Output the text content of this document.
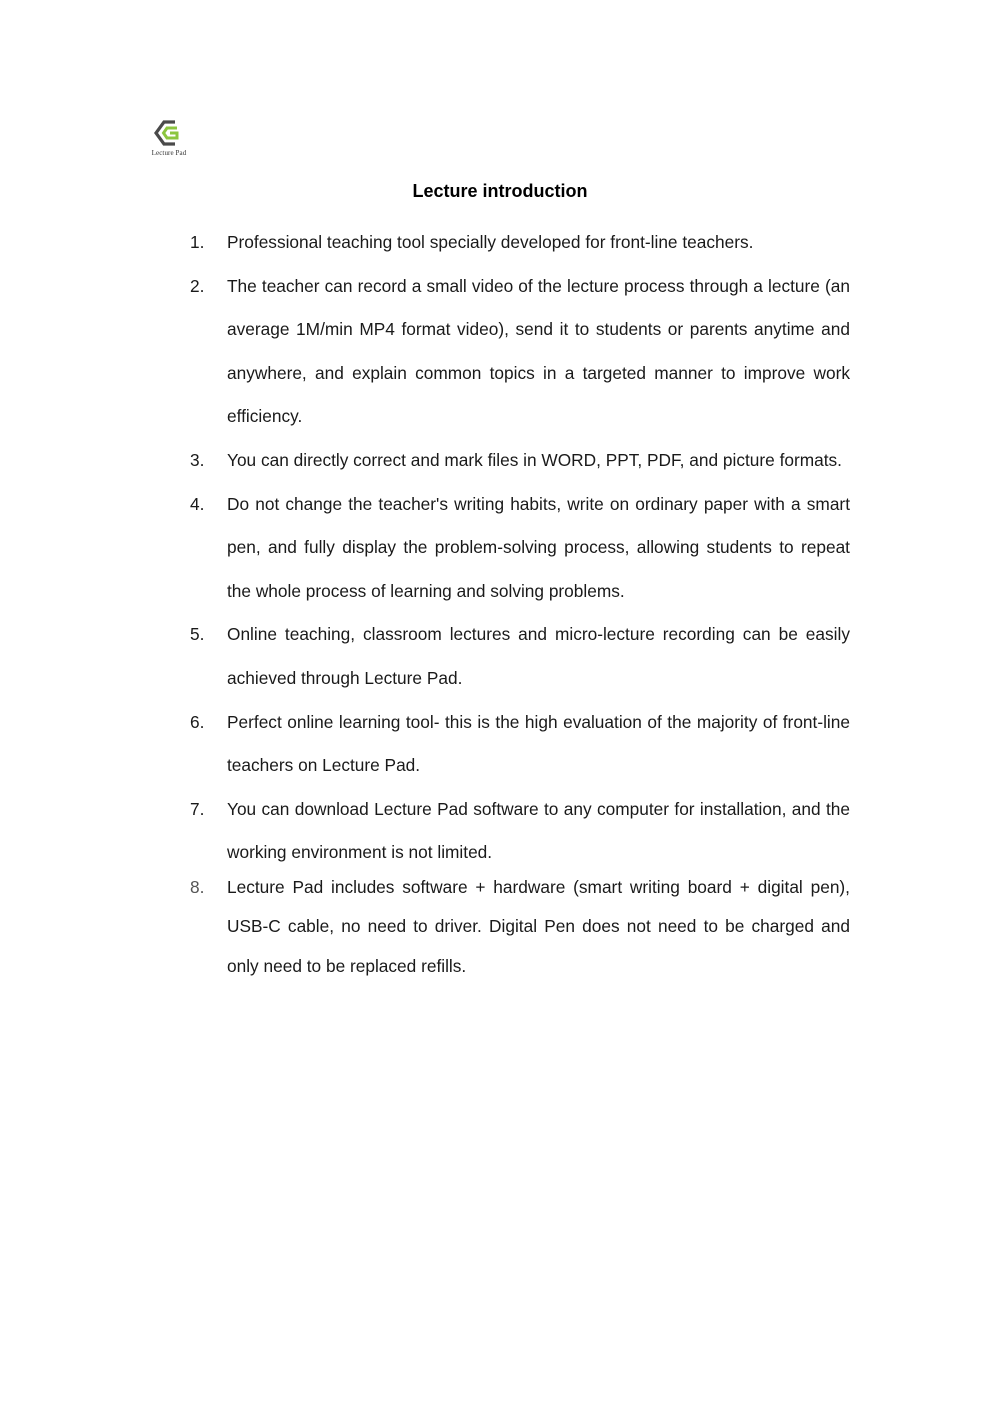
Lecture Pad
Lecture introduction
1. Professional teaching tool specially developed for front-line teachers.
2. The teacher can record a small video of the lecture process through a lecture (an average 1M/min MP4 format video), send it to students or parents anytime and anywhere, and explain common topics in a targeted manner to improve work efficiency.
3. You can directly correct and mark files in WORD, PPT, PDF, and picture formats.
4. Do not change the teacher's writing habits, write on ordinary paper with a smart pen, and fully display the problem-solving process, allowing students to repeat the whole process of learning and solving problems.
5. Online teaching, classroom lectures and micro-lecture recording can be easily achieved through Lecture Pad.
6. Perfect online learning tool- this is the high evaluation of the majority of front-line teachers on Lecture Pad.
7. You can download Lecture Pad software to any computer for installation, and the working environment is not limited.
8. Lecture Pad includes software + hardware (smart writing board + digital pen), USB-C cable, no need to driver. Digital Pen does not need to be charged and only need to be replaced refills.
